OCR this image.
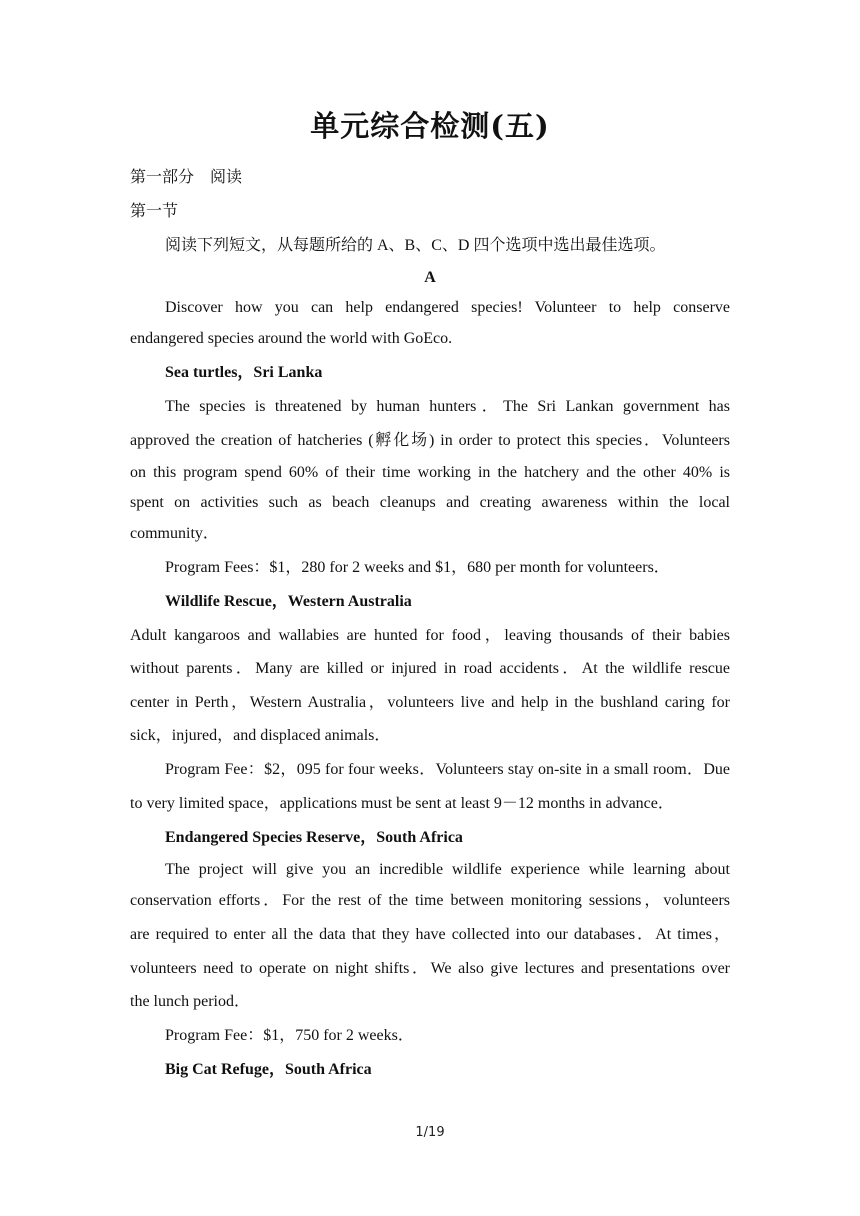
单元综合检测(五)
第一部分　阅读
第一节
阅读下列短文，从每题所给的 A、B、C、D 四个选项中选出最佳选项。
A
Discover how you can help endangered species! Volunteer to help conserve
endangered species around the world with GoEco.
Sea turtles，Sri Lanka
The species is threatened by human hunters．The Sri Lankan government has
approved the creation of hatcheries (孵化场) in order to protect this species．Volunteers
on this program spend 60% of their time working in the hatchery and the other 40% is
spent on activities such as beach cleanups and creating awareness within the local
community．
Program Fees：$1，280 for 2 weeks and $1，680 per month for volunteers．
Wildlife Rescue，Western Australia
Adult kangaroos and wallabies are hunted for food，leaving thousands of their babies
without parents．Many are killed or injured in road accidents．At the wildlife rescue
center in Perth，Western Australia，volunteers live and help in the bushland caring for
sick，injured，and displaced animals．
Program Fee：$2，095 for four weeks．Volunteers stay on-site in a small room．Due
to very limited space，applications must be sent at least 9－12 months in advance．
Endangered Species Reserve，South Africa
The project will give you an incredible wildlife experience while learning about
conservation efforts．For the rest of the time between monitoring sessions，volunteers
are required to enter all the data that they have collected into our databases．At times，
volunteers need to operate on night shifts．We also give lectures and presentations over
the lunch period．
Program Fee：$1，750 for 2 weeks．
Big Cat Refuge，South Africa
1/19
